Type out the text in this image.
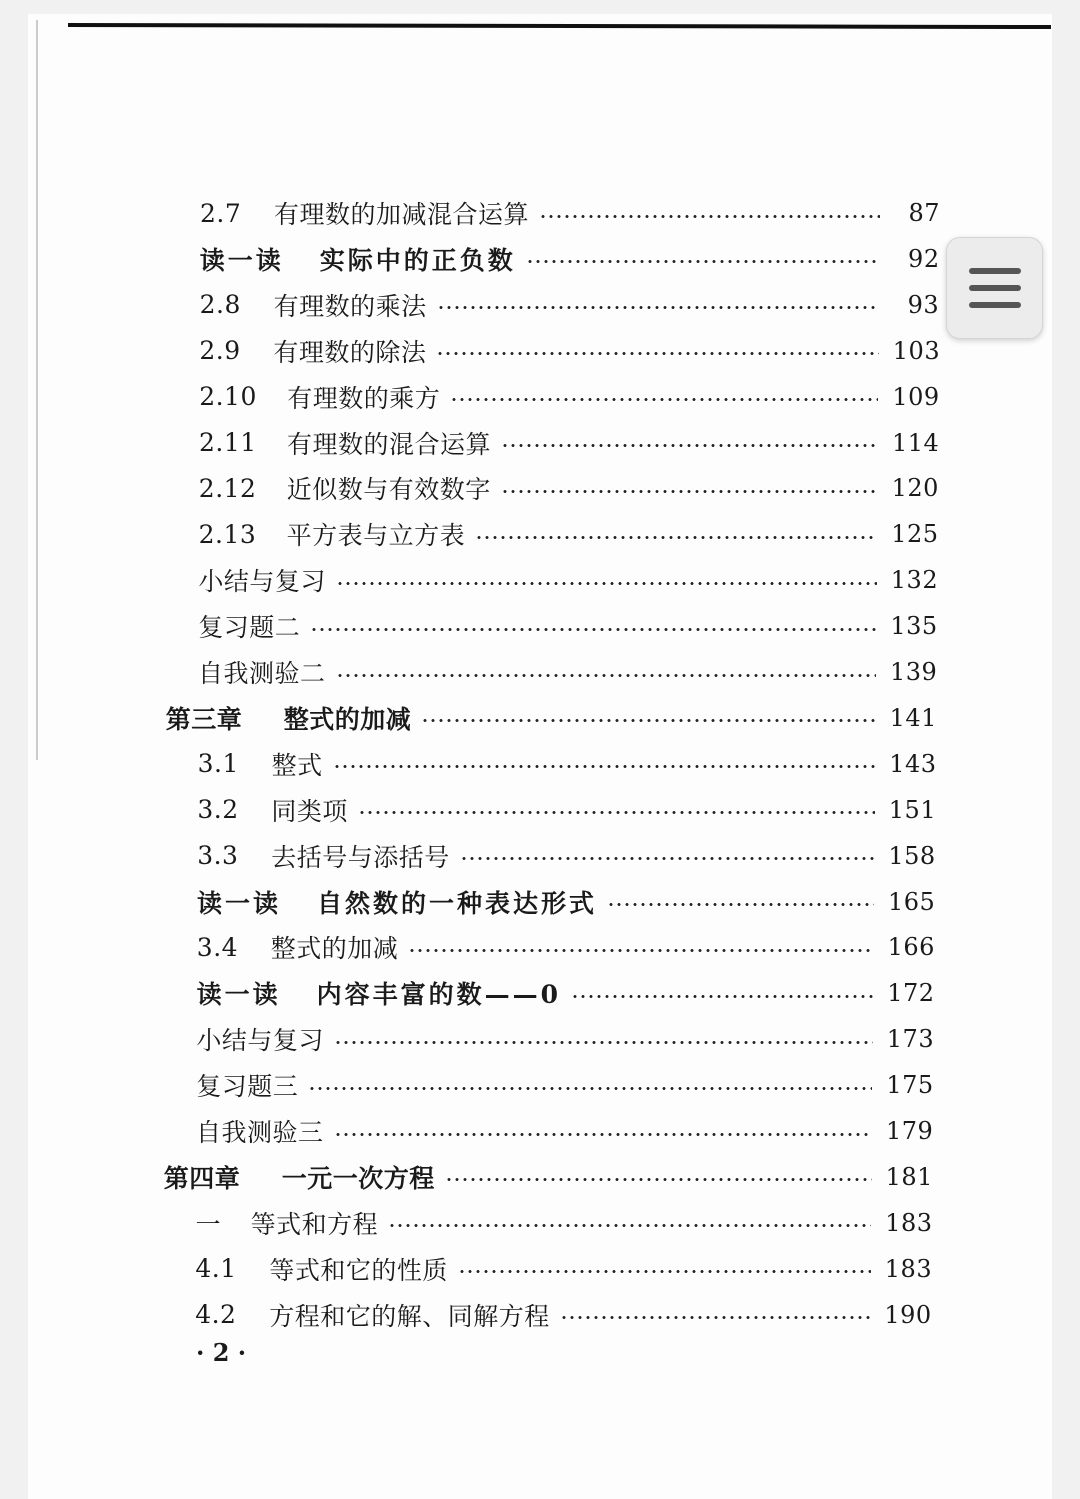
2.7	有理数的加减混合运算	87
读一读	实际中的正负数	92
2.8	有理数的乘法	93
2.9	有理数的除法	103
2.10	有理数的乘方	109
2.11	有理数的混合运算	114
2.12	近似数与有效数字	120
2.13	平方表与立方表	125
小结与复习	132
复习题二	135
自我测验二	139
第三章	整式的加减	141
3.1	整式	143
3.2	同类项	151
3.3	去括号与添括号	158
读一读	自然数的一种表达形式	165
3.4	整式的加减	166
读一读	内容丰富的数——0	172
小结与复习	173
复习题三	175
自我测验三	179
第四章	一元一次方程	181
一	等式和方程	183
4.1	等式和它的性质	183
4.2	方程和它的解、同解方程	190
· 2 ·
